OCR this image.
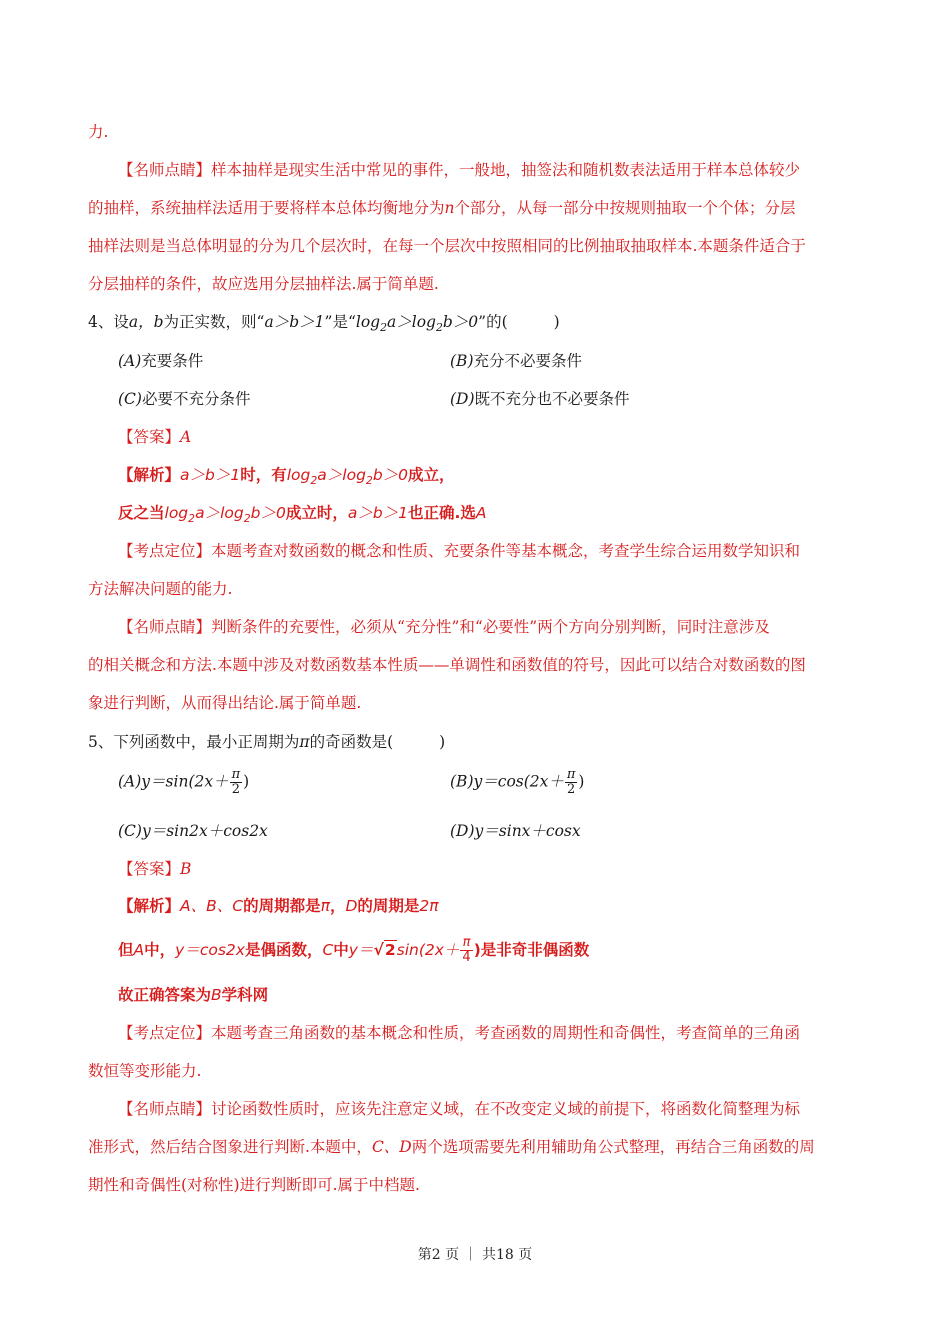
力.
【名师点睛】样本抽样是现实生活中常见的事件，一般地，抽签法和随机数表法适用于样本总体较少
的抽样，系统抽样法适用于要将样本总体均衡地分为n个部分，从每一部分中按规则抽取一个个体；分层
抽样法则是当总体明显的分为几个层次时，在每一个层次中按照相同的比例抽取抽取样本.本题条件适合于
分层抽样的条件，故应选用分层抽样法.属于简单题.
4、设a，b为正实数，则“a＞b＞1”是“$\log_2a>\log_2b>0$”的(	)
(A)充要条件	(B)充分不必要条件
(C)必要不充分条件	(D)既不充分也不必要条件
【答案】A
【解析】a＞b＞1时，有$\log_2a>\log_2b>0$成立，
反之当$\log_2a>\log_2b>0$成立时，a＞b＞1也正确.选A
【考点定位】本题考查对数函数的概念和性质、充要条件等基本概念，考查学生综合运用数学知识和
方法解决问题的能力.
【名师点睛】判断条件的充要性，必须从“充分性”和“必要性”两个方向分别判断，同时注意涉及
的相关概念和方法.本题中涉及对数函数基本性质——单调性和函数值的符号，因此可以结合对数函数的图
象进行判断，从而得出结论.属于简单题.
5、下列函数中，最小正周期为π的奇函数是(	)
$(A)y=\sin(2x+ \frac{\pi}{2}$ )	$(B)y=\cos(2x+ \frac{\pi}{2}$ )
(C)y＝sin2x＋cos2x	(D)y＝sinx＋cosx
【答案】B
【解析】A、B、C的周期都是π，D的周期是2π
但A中，y＝cos2x是偶函数，C中$y=√2\sin(2x+ \frac{\pi}{4}$ )是非奇非偶函数
故正确答案为B学科网
【考点定位】本题考查三角函数的基本概念和性质，考查函数的周期性和奇偶性，考查简单的三角函
数恒等变形能力.
【名师点睛】讨论函数性质时，应该先注意定义域，在不改变定义域的前提下，将函数化简整理为标
准形式，然后结合图象进行判断.本题中，C、D两个选项需要先利用辅助角公式整理，再结合三角函数的周
期性和奇偶性(对称性)进行判断即可.属于中档题.
第2 页 ｜ 共18 页
